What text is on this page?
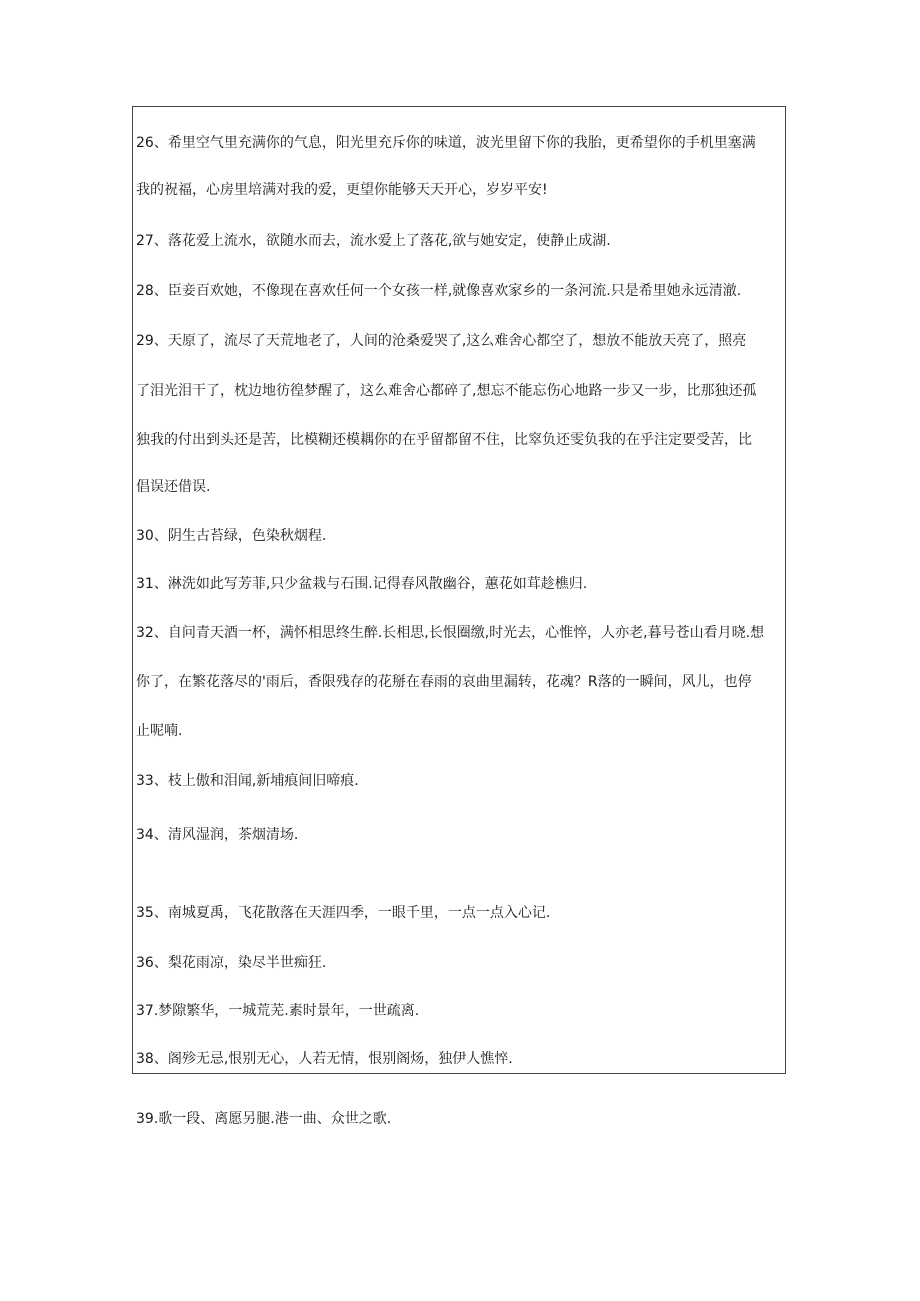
26、希里空气里充满你的气息，阳光里充斥你的味道，波光里留下你的我胎，更希望你的手机里塞满
我的祝福，心房里培满对我的爱，更望你能够天天开心，岁岁平安!
27、落花爱上流水，欲随水而去，流水爱上了落花,欲与她安定，使静止成湖.
28、臣妾百欢她，不像现在喜欢任何一个女孩一样,就像喜欢家乡的一条河流.只是希里她永远清澈.
29、天原了，流尽了天荒地老了，人间的沧桑爱哭了,这么难舍心都空了，想放不能放天亮了，照亮
了泪光泪干了，枕边地彷徨梦醒了，这么难舍心都碎了,想忘不能忘伤心地路一步又一步，比那独还孤
独我的付出到头还是苦，比模糊还模耦你的在乎留都留不住，比窣负还雯负我的在乎注定要受苦，比
倡误还借误.
30、阴生古苔绿，色染秋烟程.
31、淋洗如此写芳菲,只少盆栽与石围.记得春风散幽谷，蕙花如茸趁樵归.
32、自问青天酒一杯，满怀相思终生醉.长相思,长恨圈缴,时光去，心惟悴，人亦老,暮号苍山看月晓.想
你了，在繁花落尽的'雨后，香限残存的花掰在春雨的哀曲里漏转，花魂？R落的一瞬间，风儿，也停
止呢喃.
33、枝上傲和泪闻,新埔痕间旧啼痕.
34、清风湿润，茶烟清场.
35、南城夏禹，飞花散落在天涯四季，一眼千里，一点一点入心记.
36、梨花雨凉，染尽半世痴狂.
37.梦隙繁华，一城荒芜.素时景年，一世疏离.
38、阁殄无忌,恨别无心，人若无情，恨别阁炀，独伊人憔悴.
39.歌一段、离愿另腿.港一曲、众世之歌.
